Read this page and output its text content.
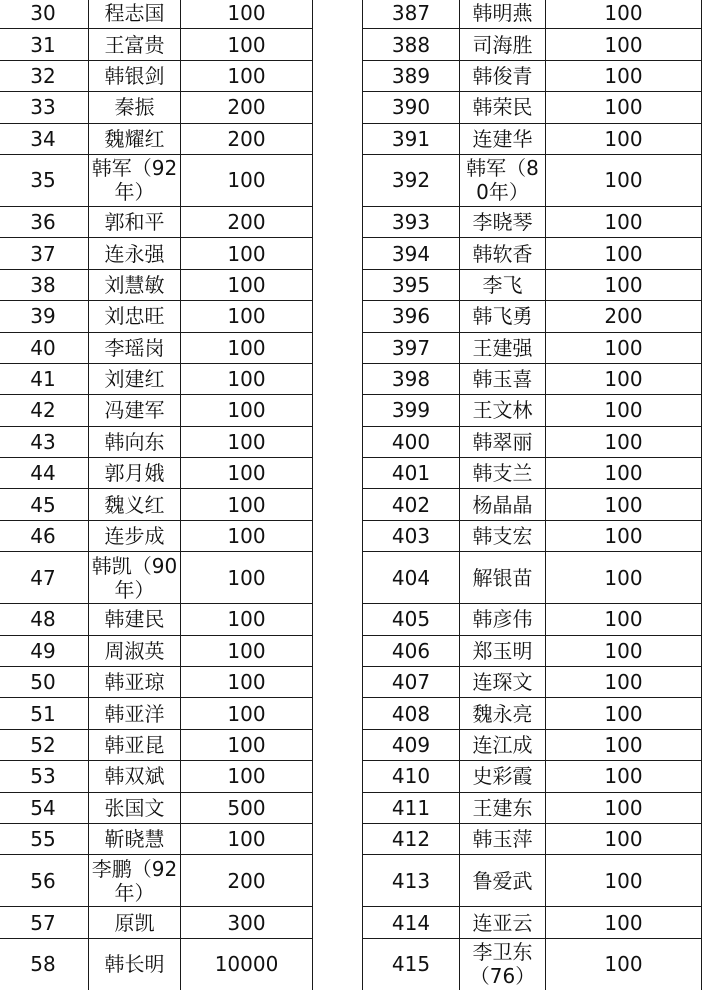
30	程志国	100		387	韩明燕	100
31	王富贵	100		388	司海胜	100
32	韩银剑	100		389	韩俊青	100
33	秦振	200		390	韩荣民	100
34	魏耀红	200		391	连建华	100
35	韩军（92年）	100		392	韩军（80年）	100
36	郭和平	200		393	李晓琴	100
37	连永强	100		394	韩软香	100
38	刘慧敏	100		395	李飞	100
39	刘忠旺	100		396	韩飞勇	200
40	李瑶岗	100		397	王建强	100
41	刘建红	100		398	韩玉喜	100
42	冯建军	100		399	王文林	100
43	韩向东	100		400	韩翠丽	100
44	郭月娥	100		401	韩支兰	100
45	魏义红	100		402	杨晶晶	100
46	连步成	100		403	韩支宏	100
47	韩凯（90年）	100		404	解银苗	100
48	韩建民	100		405	韩彦伟	100
49	周淑英	100		406	郑玉明	100
50	韩亚琼	100		407	连琛文	100
51	韩亚洋	100		408	魏永亮	100
52	韩亚昆	100		409	连江成	100
53	韩双斌	100		410	史彩霞	100
54	张国文	500		411	王建东	100
55	靳晓慧	100		412	韩玉萍	100
56	李鹏（92年）	200		413	鲁爱武	100
57	原凯	300		414	连亚云	100
58	韩长明	10000		415	李卫东（76）	100
